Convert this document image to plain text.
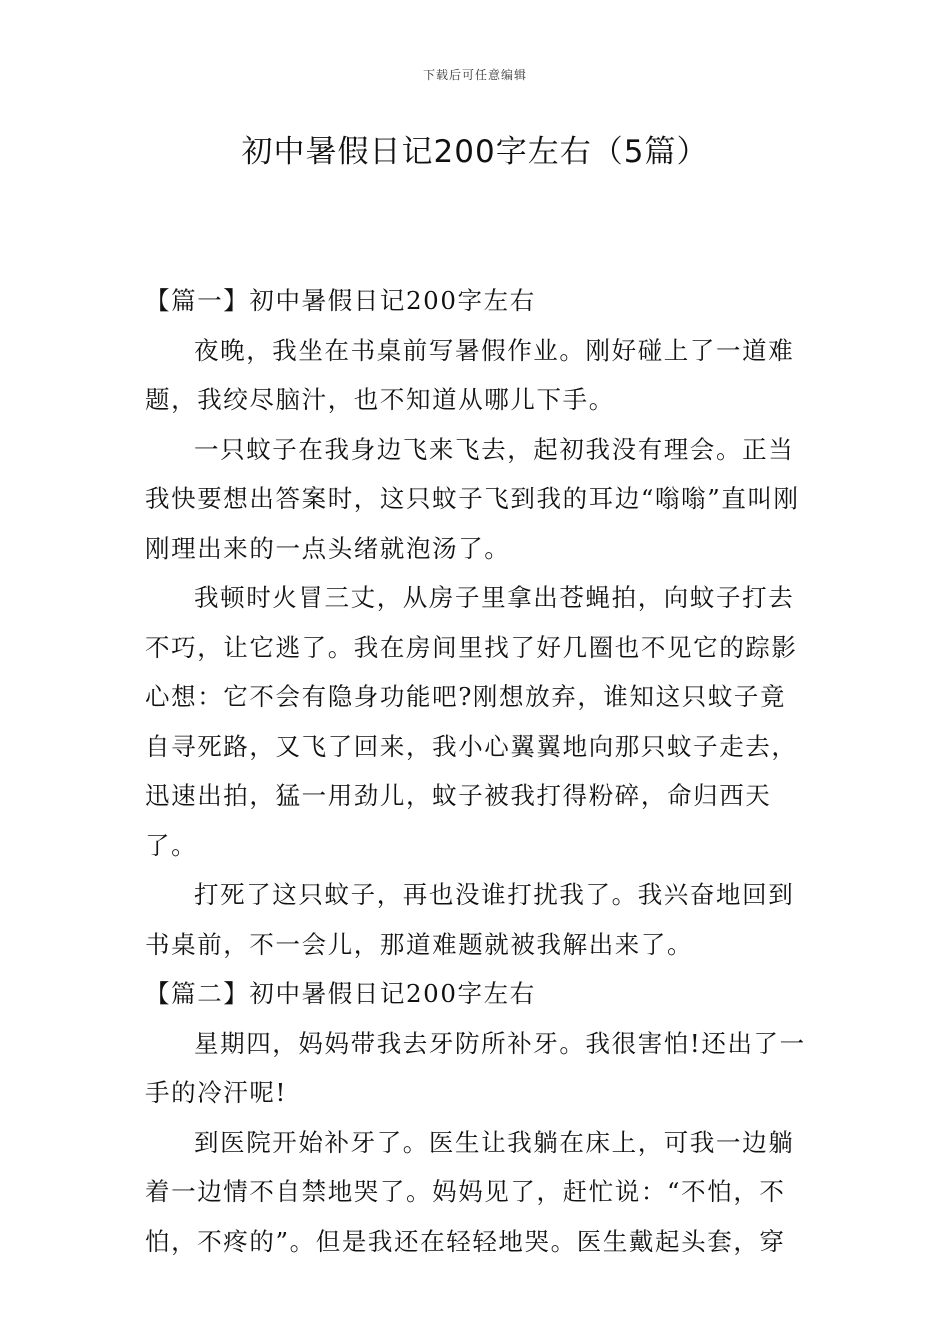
下载后可任意编辑
初中暑假日记200字左右（5篇）

【篇一】初中暑假日记200字左右

夜晚，我坐在书桌前写暑假作业。刚好碰上了一道难题，我绞尽脑汁，也不知道从哪儿下手。

一只蚊子在我身边飞来飞去，起初我没有理会。正当我快要想出答案时，这只蚊子飞到我的耳边“嗡嗡”直叫刚刚理出来的一点头绪就泡汤了。

我顿时火冒三丈，从房子里拿出苍蝇拍，向蚊子打去不巧，让它逃了。我在房间里找了好几圈也不见它的踪影心想：它不会有隐身功能吧?刚想放弃，谁知这只蚊子竟自寻死路，又飞了回来，我小心翼翼地向那只蚊子走去，迅速出拍，猛一用劲儿，蚊子被我打得粉碎，命归西天了。

打死了这只蚊子，再也没谁打扰我了。我兴奋地回到书桌前，不一会儿，那道难题就被我解出来了。

【篇二】初中暑假日记200字左右

星期四，妈妈带我去牙防所补牙。我很害怕!还出了一手的冷汗呢!

到医院开始补牙了。医生让我躺在床上，可我一边躺着一边情不自禁地哭了。妈妈见了，赶忙说：“不怕，不怕，不疼的”。但是我还在轻轻地哭。医生戴起头套，穿
